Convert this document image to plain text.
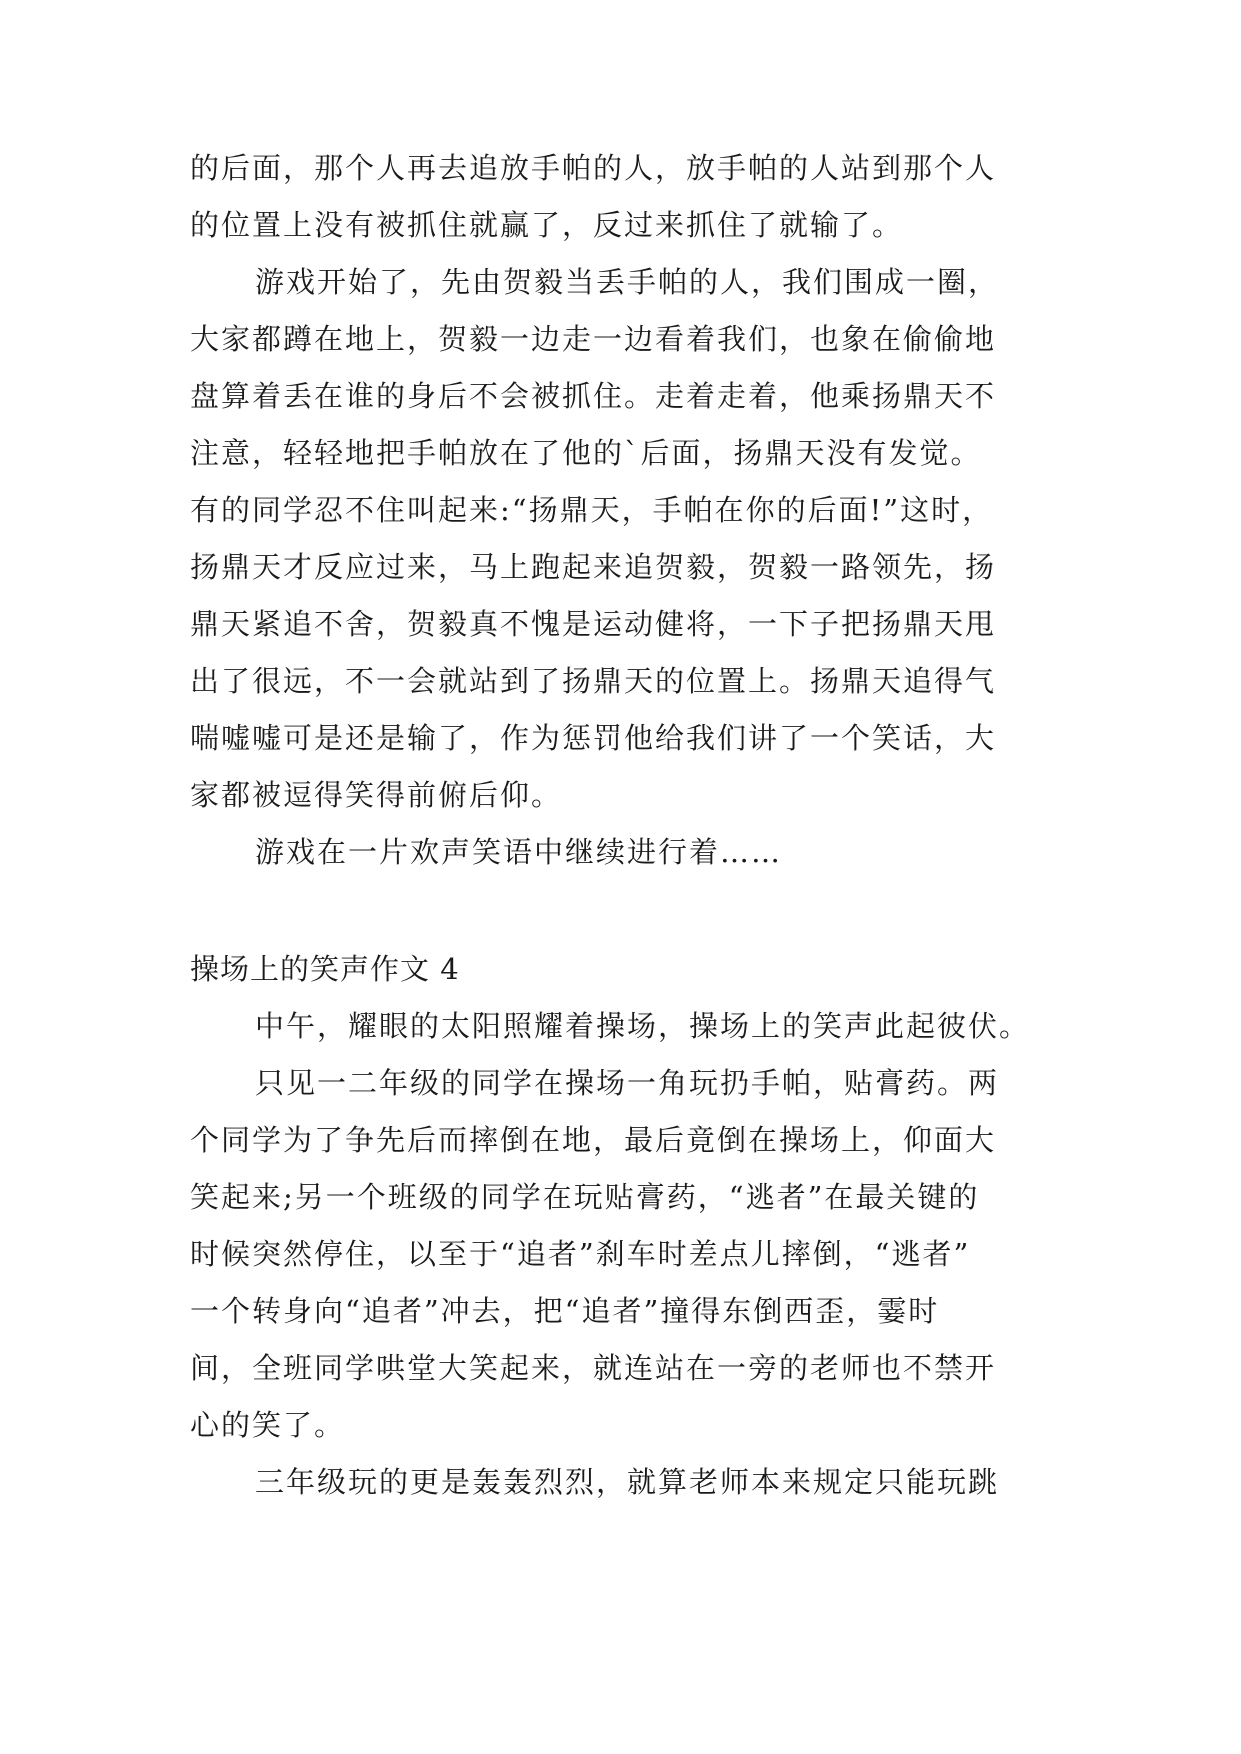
的后面，那个人再去追放手帕的人，放手帕的人站到那个人
的位置上没有被抓住就赢了，反过来抓住了就输了。
游戏开始了，先由贺毅当丢手帕的人，我们围成一圈，
大家都蹲在地上，贺毅一边走一边看着我们，也象在偷偷地
盘算着丢在谁的身后不会被抓住。走着走着，他乘扬鼎天不
注意，轻轻地把手帕放在了他的`后面，扬鼎天没有发觉。
有的同学忍不住叫起来:“扬鼎天，手帕在你的后面!”这时，
扬鼎天才反应过来，马上跑起来追贺毅，贺毅一路领先，扬
鼎天紧追不舍，贺毅真不愧是运动健将，一下子把扬鼎天甩
出了很远，不一会就站到了扬鼎天的位置上。扬鼎天追得气
喘嘘嘘可是还是输了，作为惩罚他给我们讲了一个笑话，大
家都被逗得笑得前俯后仰。
游戏在一片欢声笑语中继续进行着……
操场上的笑声作文 4
中午，耀眼的太阳照耀着操场，操场上的笑声此起彼伏。
只见一二年级的同学在操场一角玩扔手帕，贴膏药。两
个同学为了争先后而摔倒在地，最后竟倒在操场上，仰面大
笑起来;另一个班级的同学在玩贴膏药，“逃者”在最关键的
时候突然停住，以至于“追者”刹车时差点儿摔倒，“逃者”
一个转身向“追者”冲去，把“追者”撞得东倒西歪，霎时
间，全班同学哄堂大笑起来，就连站在一旁的老师也不禁开
心的笑了。
三年级玩的更是轰轰烈烈，就算老师本来规定只能玩跳
